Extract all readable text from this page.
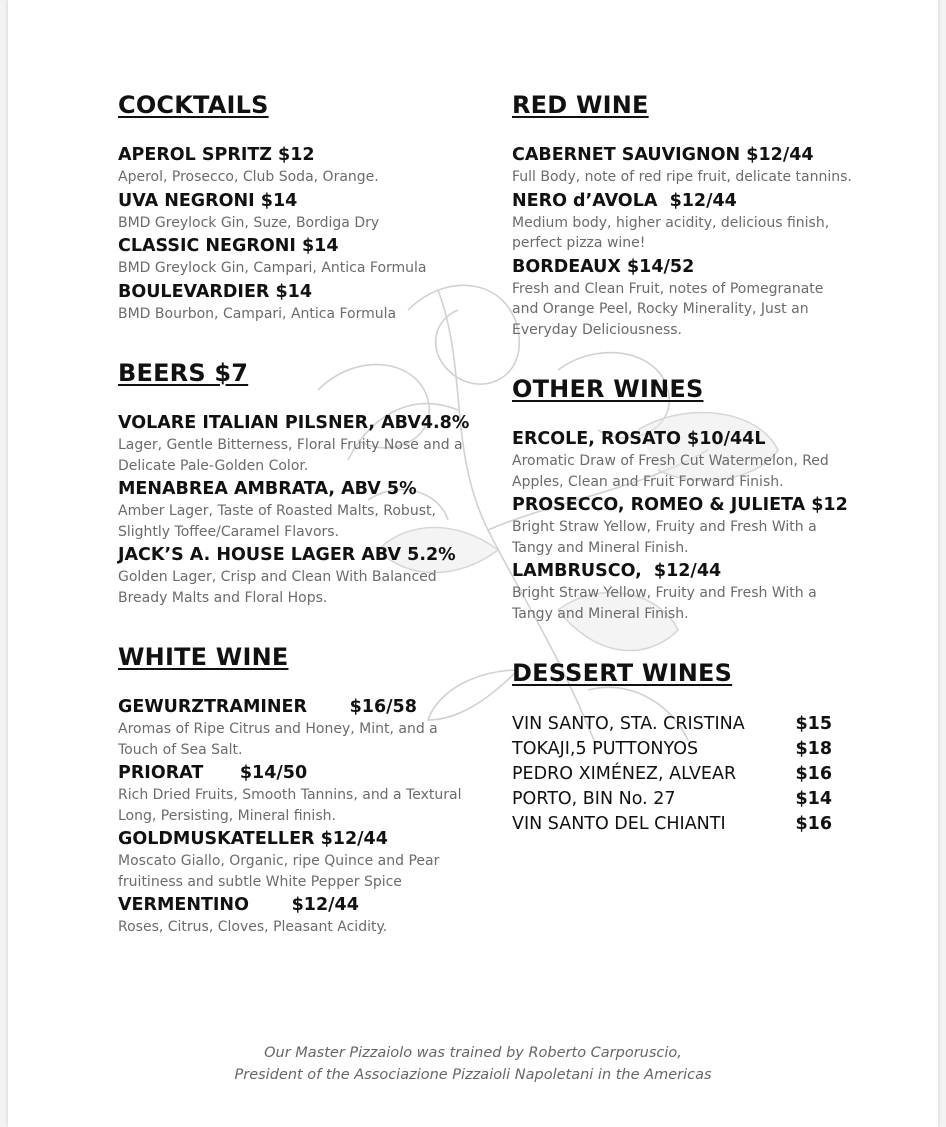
COCKTAILS
APEROL SPRITZ $12
Aperol, Prosecco, Club Soda, Orange.
UVA NEGRONI $14
BMD Greylock Gin, Suze, Bordiga Dry
CLASSIC NEGRONI $14
BMD Greylock Gin, Campari, Antica Formula
BOULEVARDIER $14
BMD Bourbon, Campari, Antica Formula
BEERS $7
VOLARE ITALIAN PILSNER, ABV4.8%
Lager, Gentle Bitterness, Floral Fruity Nose and a Delicate Pale-Golden Color.
MENABREA AMBRATA, ABV 5%
Amber Lager, Taste of Roasted Malts, Robust, Slightly Toffee/Caramel Flavors.
JACK’S A. HOUSE LAGER ABV 5.2%
Golden Lager, Crisp and Clean With Balanced Bready Malts and Floral Hops.
WHITE WINE
GEWURZTRAMINER       $16/58
Aromas of Ripe Citrus and Honey, Mint, and a Touch of Sea Salt.
PRIORAT      $14/50
Rich Dried Fruits, Smooth Tannins, and a Textural Long, Persisting, Mineral finish.
GOLDMUSKATELLER $12/44
Moscato Giallo, Organic, ripe Quince and Pear fruitiness and subtle White Pepper Spice
VERMENTINO       $12/44
Roses, Citrus, Cloves, Pleasant Acidity.
RED WINE
CABERNET SAUVIGNON $12/44
Full Body, note of red ripe fruit, delicate tannins.
NERO d’AVOLA  $12/44
Medium body, higher acidity, delicious finish, perfect pizza wine!
BORDEAUX $14/52
Fresh and Clean Fruit, notes of Pomegranate and Orange Peel, Rocky Minerality, Just an Everyday Deliciousness.
OTHER WINES
ERCOLE, ROSATO $10/44L
Aromatic Draw of Fresh Cut Watermelon, Red Apples, Clean and Fruit Forward Finish.
PROSECCO, ROMEO & JULIETA $12
Bright Straw Yellow, Fruity and Fresh With a Tangy and Mineral Finish.
LAMBRUSCO,  $12/44
Bright Straw Yellow, Fruity and Fresh With a Tangy and Mineral Finish.
DESSERT WINES
VIN SANTO, STA. CRISTINA	$15
TOKAJI,5 PUTTONYOS	$18
PEDRO XIMÉNEZ, ALVEAR	$16
PORTO, BIN No. 27	$14
VIN SANTO DEL CHIANTI	$16
Our Master Pizzaiolo was trained by Roberto Carporuscio,
President of the Associazione Pizzaioli Napoletani in the Americas
